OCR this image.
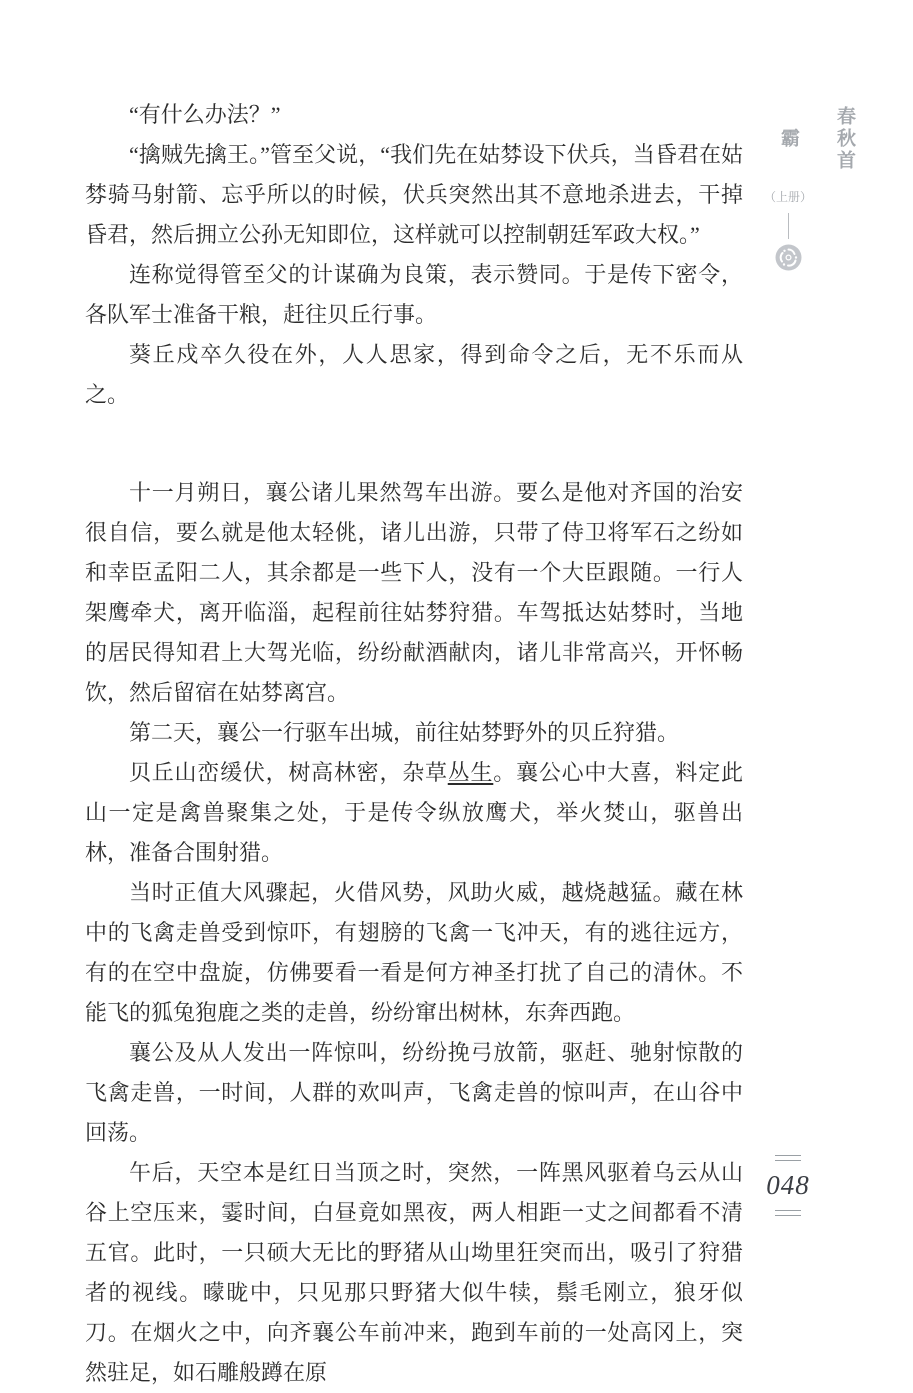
“有什么办法？”

“擒贼先擒王。”管至父说，“我们先在姑棼设下伏兵，当昏君在姑棼骑马射箭、忘乎所以的时候，伏兵突然出其不意地杀进去，干掉昏君，然后拥立公孙无知即位，这样就可以控制朝廷军政大权。”

连称觉得管至父的计谋确为良策，表示赞同。于是传下密令，各队军士准备干粮，赶往贝丘行事。

葵丘戍卒久役在外，人人思家，得到命令之后，无不乐而从之。

十一月朔日，襄公诸儿果然驾车出游。要么是他对齐国的治安很自信，要么就是他太轻佻，诸儿出游，只带了侍卫将军石之纷如和幸臣孟阳二人，其余都是一些下人，没有一个大臣跟随。一行人架鹰牵犬，离开临淄，起程前往姑棼狩猎。车驾抵达姑棼时，当地的居民得知君上大驾光临，纷纷献酒献肉，诸儿非常高兴，开怀畅饮，然后留宿在姑棼离宫。

第二天，襄公一行驱车出城，前往姑棼野外的贝丘狩猎。

贝丘山峦缓伏，树高林密，杂草丛生。襄公心中大喜，料定此山一定是禽兽聚集之处，于是传令纵放鹰犬，举火焚山，驱兽出林，准备合围射猎。

当时正值大风骤起，火借风势，风助火威，越烧越猛。藏在林中的飞禽走兽受到惊吓，有翅膀的飞禽一飞冲天，有的逃往远方，有的在空中盘旋，仿佛要看一看是何方神圣打扰了自己的清休。不能飞的狐兔狍鹿之类的走兽，纷纷窜出树林，东奔西跑。

襄公及从人发出一阵惊叫，纷纷挽弓放箭，驱赶、驰射惊散的飞禽走兽，一时间，人群的欢叫声，飞禽走兽的惊叫声，在山谷中回荡。

午后，天空本是红日当顶之时，突然，一阵黑风驱着乌云从山谷上空压来，霎时间，白昼竟如黑夜，两人相距一丈之间都看不清五官。此时，一只硕大无比的野猪从山坳里狂突而出，吸引了狩猎者的视线。曚昽中，只见那只野猪大似牛犊，鬃毛刚立，狼牙似刀。在烟火之中，向齐襄公车前冲来，跑到车前的一处高冈上，突然驻足，如石雕般蹲在原

春秋首霸
（上册）
048
